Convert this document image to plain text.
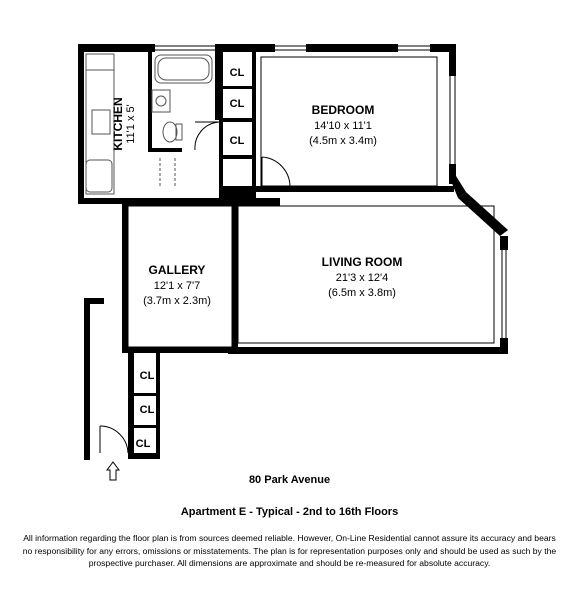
KITCHEN 11'1 x 5'	BEDROOM
14'10 x 11'1
(4.5m x 3.4m)
GALLERY
12'1 x 7'7
(3.7m x 2.3m)
LIVING ROOM
21'3 x 12'4
(6.5m x 3.8m)
CL
CL
CL
CL
CL
CL
80 Park Avenue
Apartment E - Typical - 2nd to 16th Floors
All information regarding the floor plan is from sources deemed reliable. However, On-Line Residential cannot assure its accuracy and bears no responsibility for any errors, omissions or misstatements. The plan is for representation purposes only and should be used as such by the prospective purchaser. All dimensions are approximate and should be re-measured for absolute accuracy.
